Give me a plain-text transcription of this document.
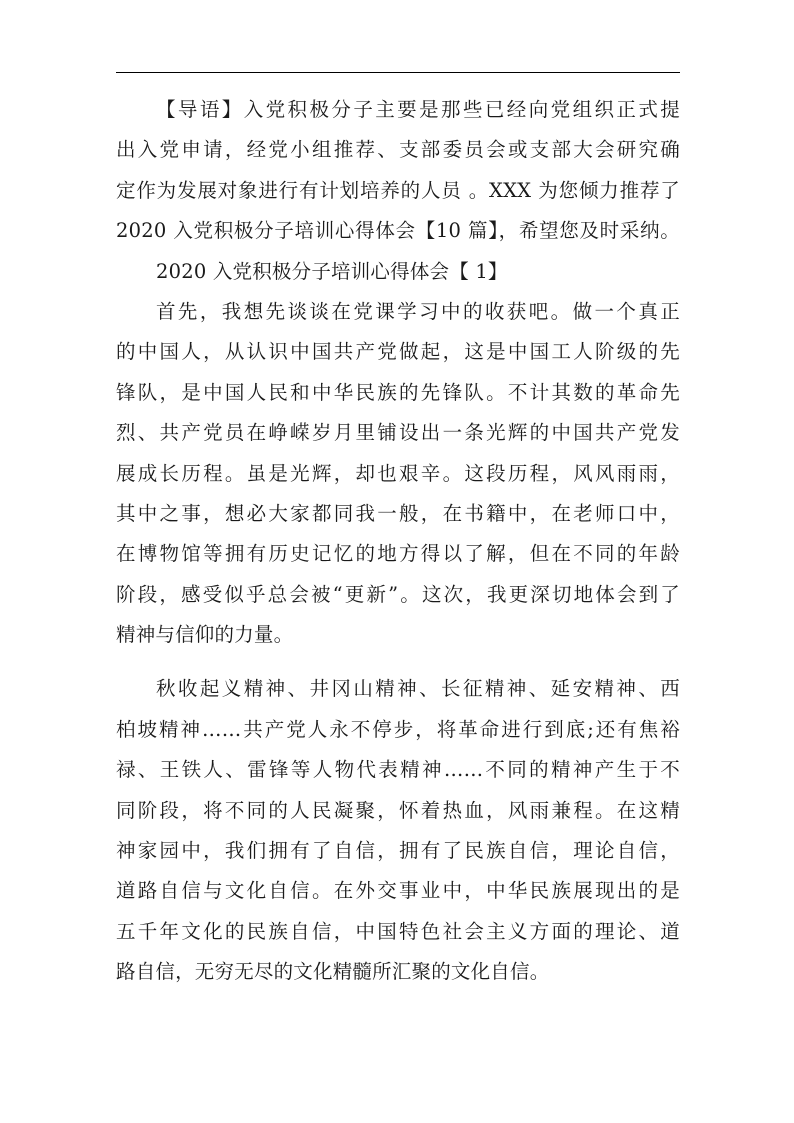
【导语】入党积极分子主要是那些已经向党组织正式提
出入党申请，经党小组推荐、支部委员会或支部大会研究确
定作为发展对象进行有计划培养的人员 。XXX 为您倾力推荐了
2020 入党积极分子培训心得体会【10 篇】，希望您及时采纳。
2020 入党积极分子培训心得体会【 1】
首先，我想先谈谈在党课学习中的收获吧。做一个真正
的中国人，从认识中国共产党做起，这是中国工人阶级的先
锋队，是中国人民和中华民族的先锋队。不计其数的革命先
烈、共产党员在峥嵘岁月里铺设出一条光辉的中国共产党发
展成长历程。虽是光辉，却也艰辛。这段历程，风风雨雨，
其中之事，想必大家都同我一般，在书籍中，在老师口中，
在博物馆等拥有历史记忆的地方得以了解，但在不同的年龄
阶段，感受似乎总会被“更新”。这次，我更深切地体会到了
精神与信仰的力量。
秋收起义精神、井冈山精神、长征精神、延安精神、西
柏坡精神……共产党人永不停步，将革命进行到底;还有焦裕
禄、王铁人、雷锋等人物代表精神……不同的精神产生于不
同阶段，将不同的人民凝聚，怀着热血，风雨兼程。在这精
神家园中，我们拥有了自信，拥有了民族自信，理论自信，
道路自信与文化自信。在外交事业中，中华民族展现出的是
五千年文化的民族自信，中国特色社会主义方面的理论、道
路自信，无穷无尽的文化精髓所汇聚的文化自信。
